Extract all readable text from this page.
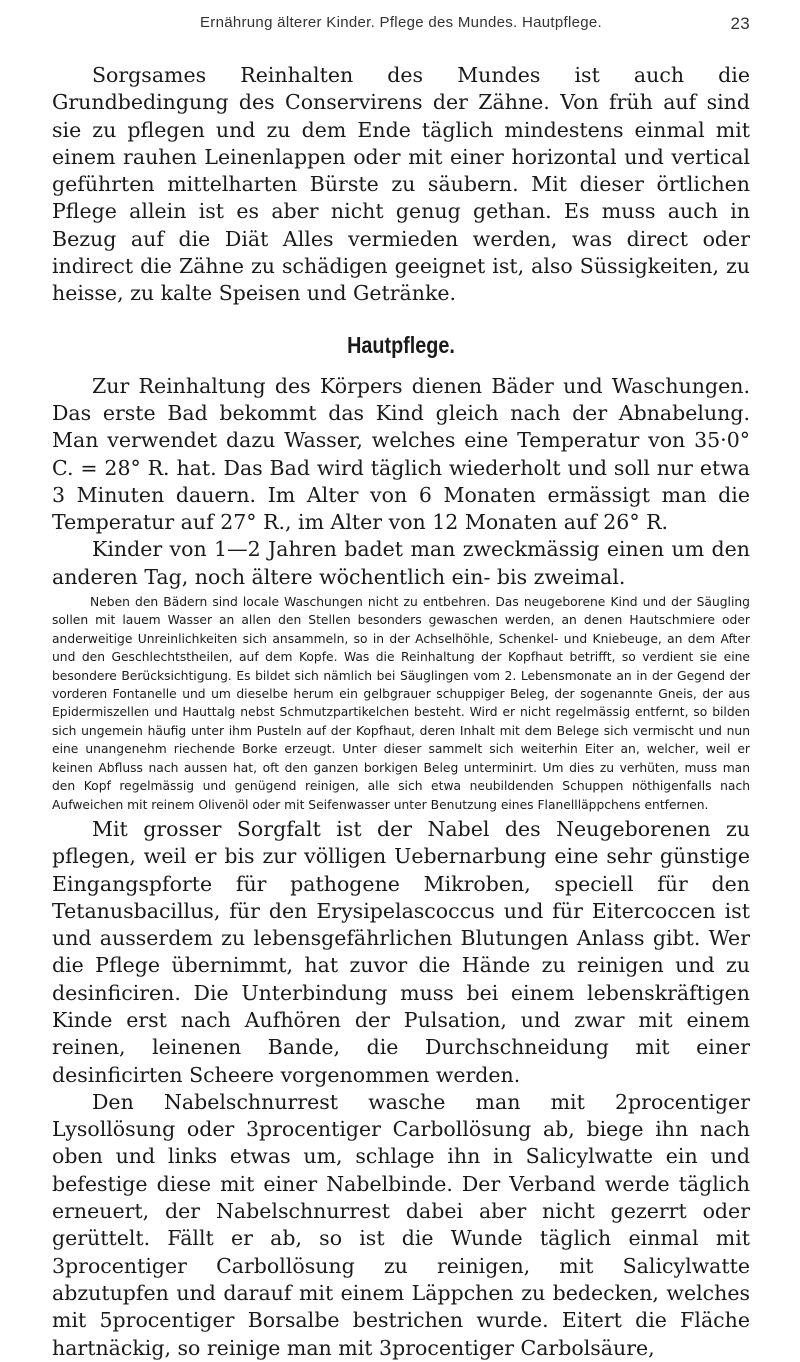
Ernährung älterer Kinder. Pflege des Mundes. Hautpflege.	23

Sorgsames Reinhalten des Mundes ist auch die Grundbedingung des Conservirens der Zähne. Von früh auf sind sie zu pflegen und zu dem Ende täglich mindestens einmal mit einem rauhen Leinenlappen oder mit einer horizontal und vertical geführten mittelharten Bürste zu säubern. Mit dieser örtlichen Pflege allein ist es aber nicht genug gethan. Es muss auch in Bezug auf die Diät Alles vermieden werden, was direct oder indirect die Zähne zu schädigen geeignet ist, also Süssigkeiten, zu heisse, zu kalte Speisen und Getränke.

Hautpflege.

Zur Reinhaltung des Körpers dienen Bäder und Waschungen. Das erste Bad bekommt das Kind gleich nach der Abnabelung. Man verwendet dazu Wasser, welches eine Temperatur von 35·0° C. = 28° R. hat. Das Bad wird täglich wiederholt und soll nur etwa 3 Minuten dauern. Im Alter von 6 Monaten ermässigt man die Temperatur auf 27° R., im Alter von 12 Monaten auf 26° R.

Kinder von 1—2 Jahren badet man zweckmässig einen um den anderen Tag, noch ältere wöchentlich ein- bis zweimal.

Neben den Bädern sind locale Waschungen nicht zu entbehren. Das neugeborene Kind und der Säugling sollen mit lauem Wasser an allen den Stellen besonders gewaschen werden, an denen Hautschmiere oder anderweitige Unreinlichkeiten sich ansammeln, so in der Achselhöhle, Schenkel- und Kniebeuge, an dem After und den Geschlechtstheilen, auf dem Kopfe. Was die Reinhaltung der Kopfhaut betrifft, so verdient sie eine besondere Berücksichtigung. Es bildet sich nämlich bei Säuglingen vom 2. Lebensmonate an in der Gegend der vorderen Fontanelle und um dieselbe herum ein gelbgrauer schuppiger Beleg, der sogenannte Gneis, der aus Epidermiszellen und Hauttalg nebst Schmutzpartikelchen besteht. Wird er nicht regelmässig entfernt, so bilden sich ungemein häufig unter ihm Pusteln auf der Kopfhaut, deren Inhalt mit dem Belege sich vermischt und nun eine unangenehm riechende Borke erzeugt. Unter dieser sammelt sich weiterhin Eiter an, welcher, weil er keinen Abfluss nach aussen hat, oft den ganzen borkigen Beleg unterminirt. Um dies zu verhüten, muss man den Kopf regelmässig und genügend reinigen, alle sich etwa neubildenden Schuppen nöthigenfalls nach Aufweichen mit reinem Olivenöl oder mit Seifenwasser unter Benutzung eines Flanellläppchens entfernen.

Mit grosser Sorgfalt ist der Nabel des Neugeborenen zu pflegen, weil er bis zur völligen Uebernarbung eine sehr günstige Eingangspforte für pathogene Mikroben, speciell für den Tetanusbacillus, für den Erysipelascoccus und für Eitercoccen ist und ausserdem zu lebensgefährlichen Blutungen Anlass gibt. Wer die Pflege übernimmt, hat zuvor die Hände zu reinigen und zu desinficiren. Die Unterbindung muss bei einem lebenskräftigen Kinde erst nach Aufhören der Pulsation, und zwar mit einem reinen, leinenen Bande, die Durchschneidung mit einer desinficirten Scheere vorgenommen werden.

Den Nabelschnurrest wasche man mit 2procentiger Lysollösung oder 3procentiger Carbollösung ab, biege ihn nach oben und links etwas um, schlage ihn in Salicylwatte ein und befestige diese mit einer Nabelbinde. Der Verband werde täglich erneuert, der Nabelschnurrest dabei aber nicht gezerrt oder gerüttelt. Fällt er ab, so ist die Wunde täglich einmal mit 3procentiger Carbollösung zu reinigen, mit Salicylwatte abzutupfen und darauf mit einem Läppchen zu bedecken, welches mit 5procentiger Borsalbe bestrichen wurde. Eitert die Fläche hartnäckig, so reinige man mit 3procentiger Carbolsäure,
